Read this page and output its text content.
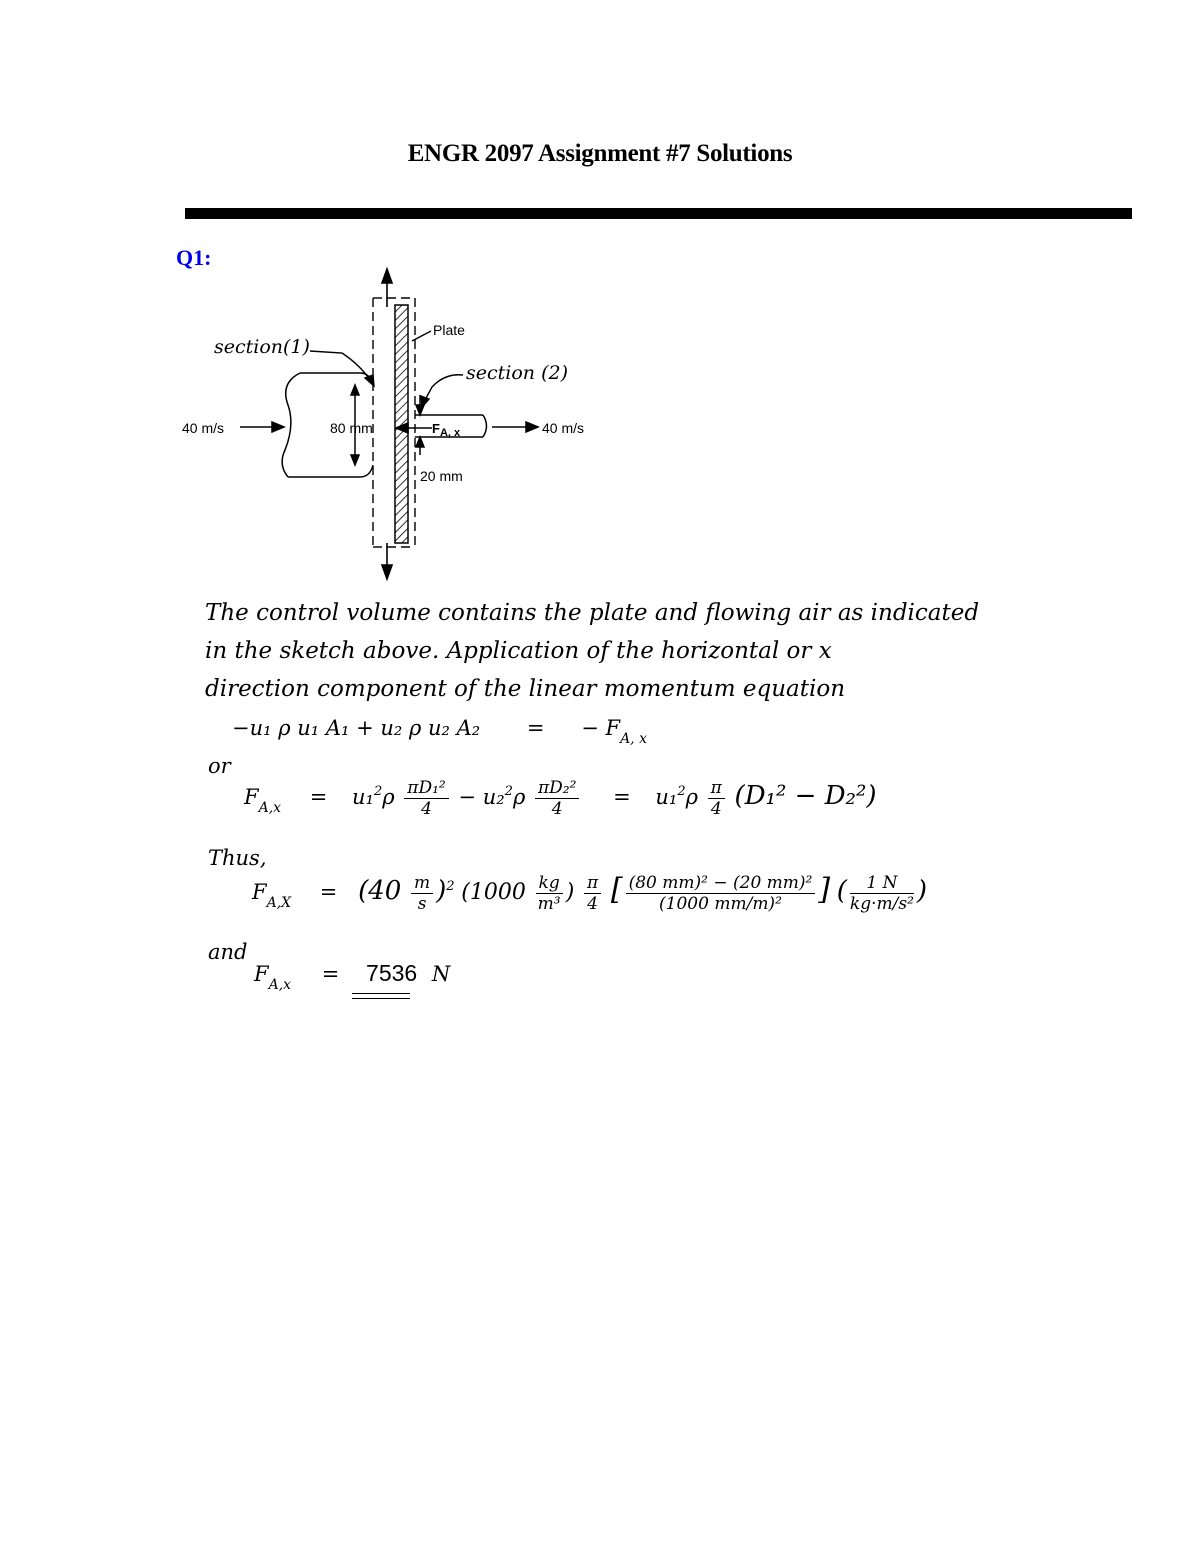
ENGR 2097 Assignment #7 Solutions
Q1:
40 m/s	40 m/s
80 mm
20 mm
Plate
section(1)
section (2)
$F_{A, x}$
The control volume contains the plate and flowing air as indicated
in the sketch above. Application of the horizontal or x
direction component of the linear momentum equation
−u₁ ρ u₁ A₁ + u₂ ρ u₂ A₂ = − $F_{A, x}$
or
$F_{A,x} = u_1^2\rho \frac{\text{πD₁²}}{4} - u_2^2\rho \frac{\text{πD₂²}}{4} = u_1^2\rho \frac{\pi}{4} (D_1^2 - D_2^2)$
Thus,
$F_{A,X} = (40 \frac{m}{s} )^2$ ($1000 \frac{kg}{\text{m³}}$ ) $\frac{\pi}{4}$ [ $\frac{\text{(80 mm)² − (20 mm)²}}{\text{(1000 mm/m)²}}$ ] ( $\frac{1 N}{\text{kg·m/s²}}$ )
and
$F_{A,x} = 7536$ N
